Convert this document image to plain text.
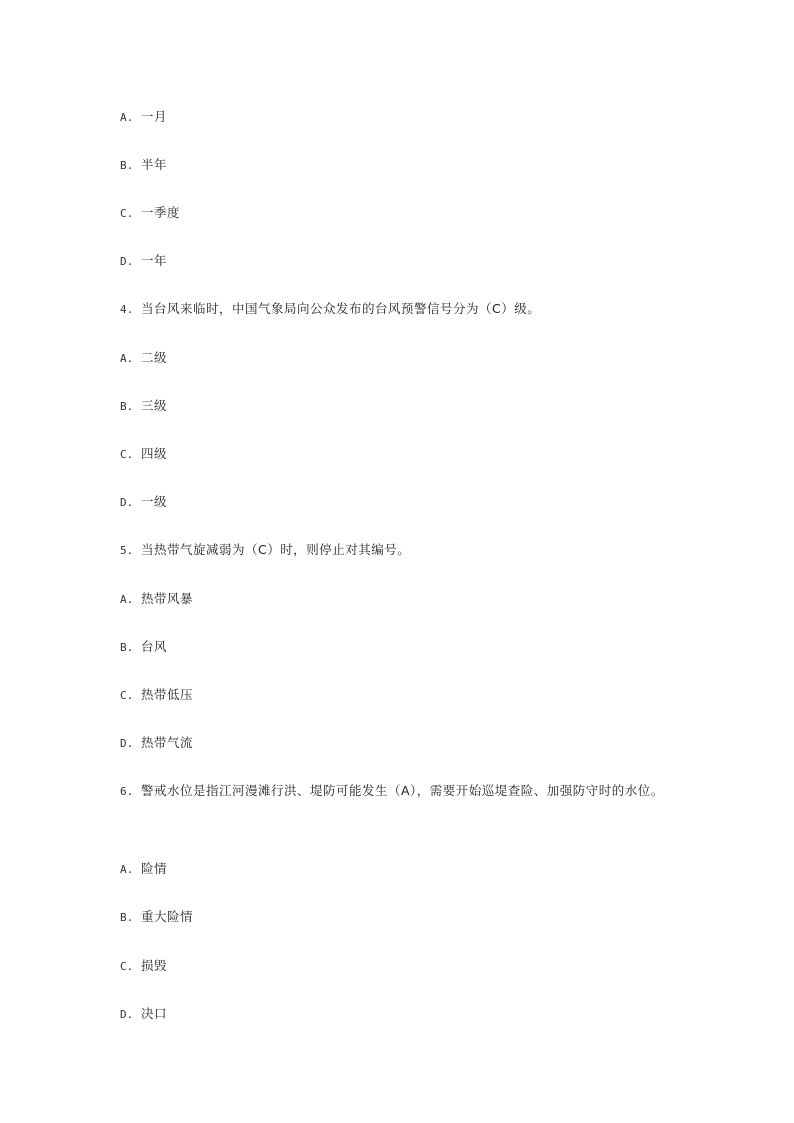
A. 一月
B. 半年
C. 一季度
D. 一年
4. 当台风来临时，中国气象局向公众发布的台风预警信号分为（C）级。
A. 二级
B. 三级
C. 四级
D. 一级
5. 当热带气旋减弱为（C）时，则停止对其编号。
A. 热带风暴
B. 台风
C. 热带低压
D. 热带气流
6. 警戒水位是指江河漫滩行洪、堤防可能发生（A），需要开始巡堤查险、加强防守时的水位。
A. 险情
B. 重大险情
C. 损毁
D. 决口
